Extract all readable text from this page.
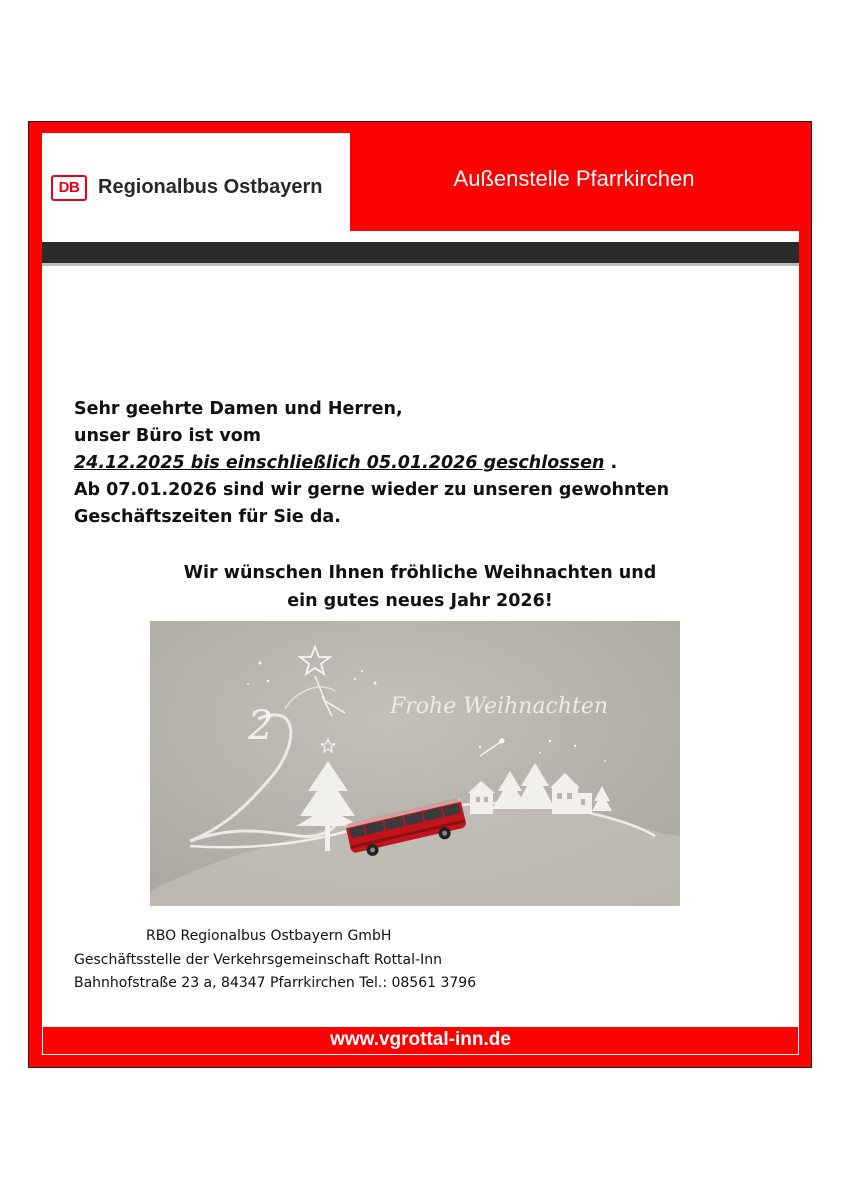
DB Regionalbus Ostbayern	Außenstelle Pfarrkirchen

Sehr geehrte Damen und Herren,

unser Büro ist vom

24.12.2025 bis einschließlich 05.01.2026 geschlossen .

Ab 07.01.2026 sind wir gerne wieder zu unseren gewohnten

Geschäftszeiten für Sie da.

Wir wünschen Ihnen fröhliche Weihnachten und

ein gutes neues Jahr 2026!

2	Frohe Weihnachten

RBO Regionalbus Ostbayern GmbH

Geschäftsstelle der Verkehrsgemeinschaft Rottal-Inn

Bahnhofstraße 23 a, 84347 Pfarrkirchen Tel.: 08561 3796

www.vgrottal-inn.de
